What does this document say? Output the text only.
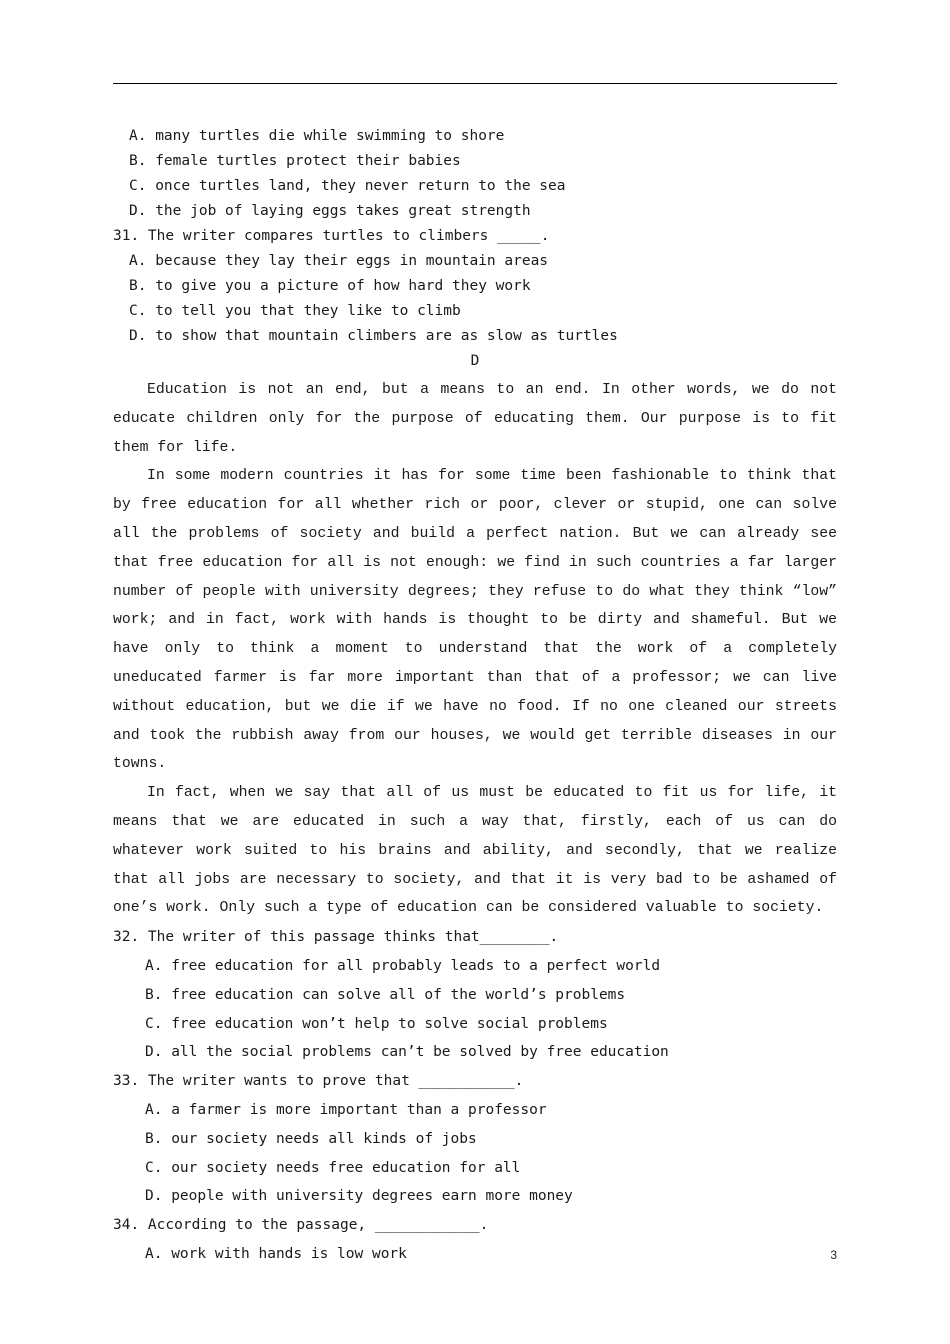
A. many turtles die while swimming to shore
B. female turtles protect their babies
C. once turtles land, they never return to the sea
D. the job of laying eggs takes great strength
31. The writer compares turtles to climbers _____.
A. because they lay their eggs in mountain areas
B. to give you a picture of how hard they work
C. to tell you that they like to climb
D. to show that mountain climbers are as slow as turtles
D

Education is not an end, but a means to an end. In other words, we do not educate children only for the purpose of educating them. Our purpose is to fit them for life.

In some modern countries it has for some time been fashionable to think that by free education for all whether rich or poor, clever or stupid, one can solve all the problems of society and build a perfect nation. But we can already see that free education for all is not enough: we find in such countries a far larger number of people with university degrees; they refuse to do what they think “low” work; and in fact, work with hands is thought to be dirty and shameful. But we have only to think a moment to understand that the work of a completely uneducated farmer is far more important than that of a professor; we can live without education, but we die if we have no food. If no one cleaned our streets and took the rubbish away from our houses, we would get terrible diseases in our towns.

In fact, when we say that all of us must be educated to fit us for life, it means that we are educated in such a way that, firstly, each of us can do whatever work suited to his brains and ability, and secondly, that we realize that all jobs are necessary to society, and that it is very bad to be ashamed of one’s work. Only such a type of education can be considered valuable to society.

32. The writer of this passage thinks that________.
A. free education for all probably leads to a perfect world
B. free education can solve all of the world’s problems
C. free education won’t help to solve social problems
D. all the social problems can’t be solved by free education
33. The writer wants to prove that ___________.
A. a farmer is more important than a professor
B. our society needs all kinds of jobs
C. our society needs free education for all
D. people with university degrees earn more money
34. According to the passage, ____________.
A. work with hands is low work	3
